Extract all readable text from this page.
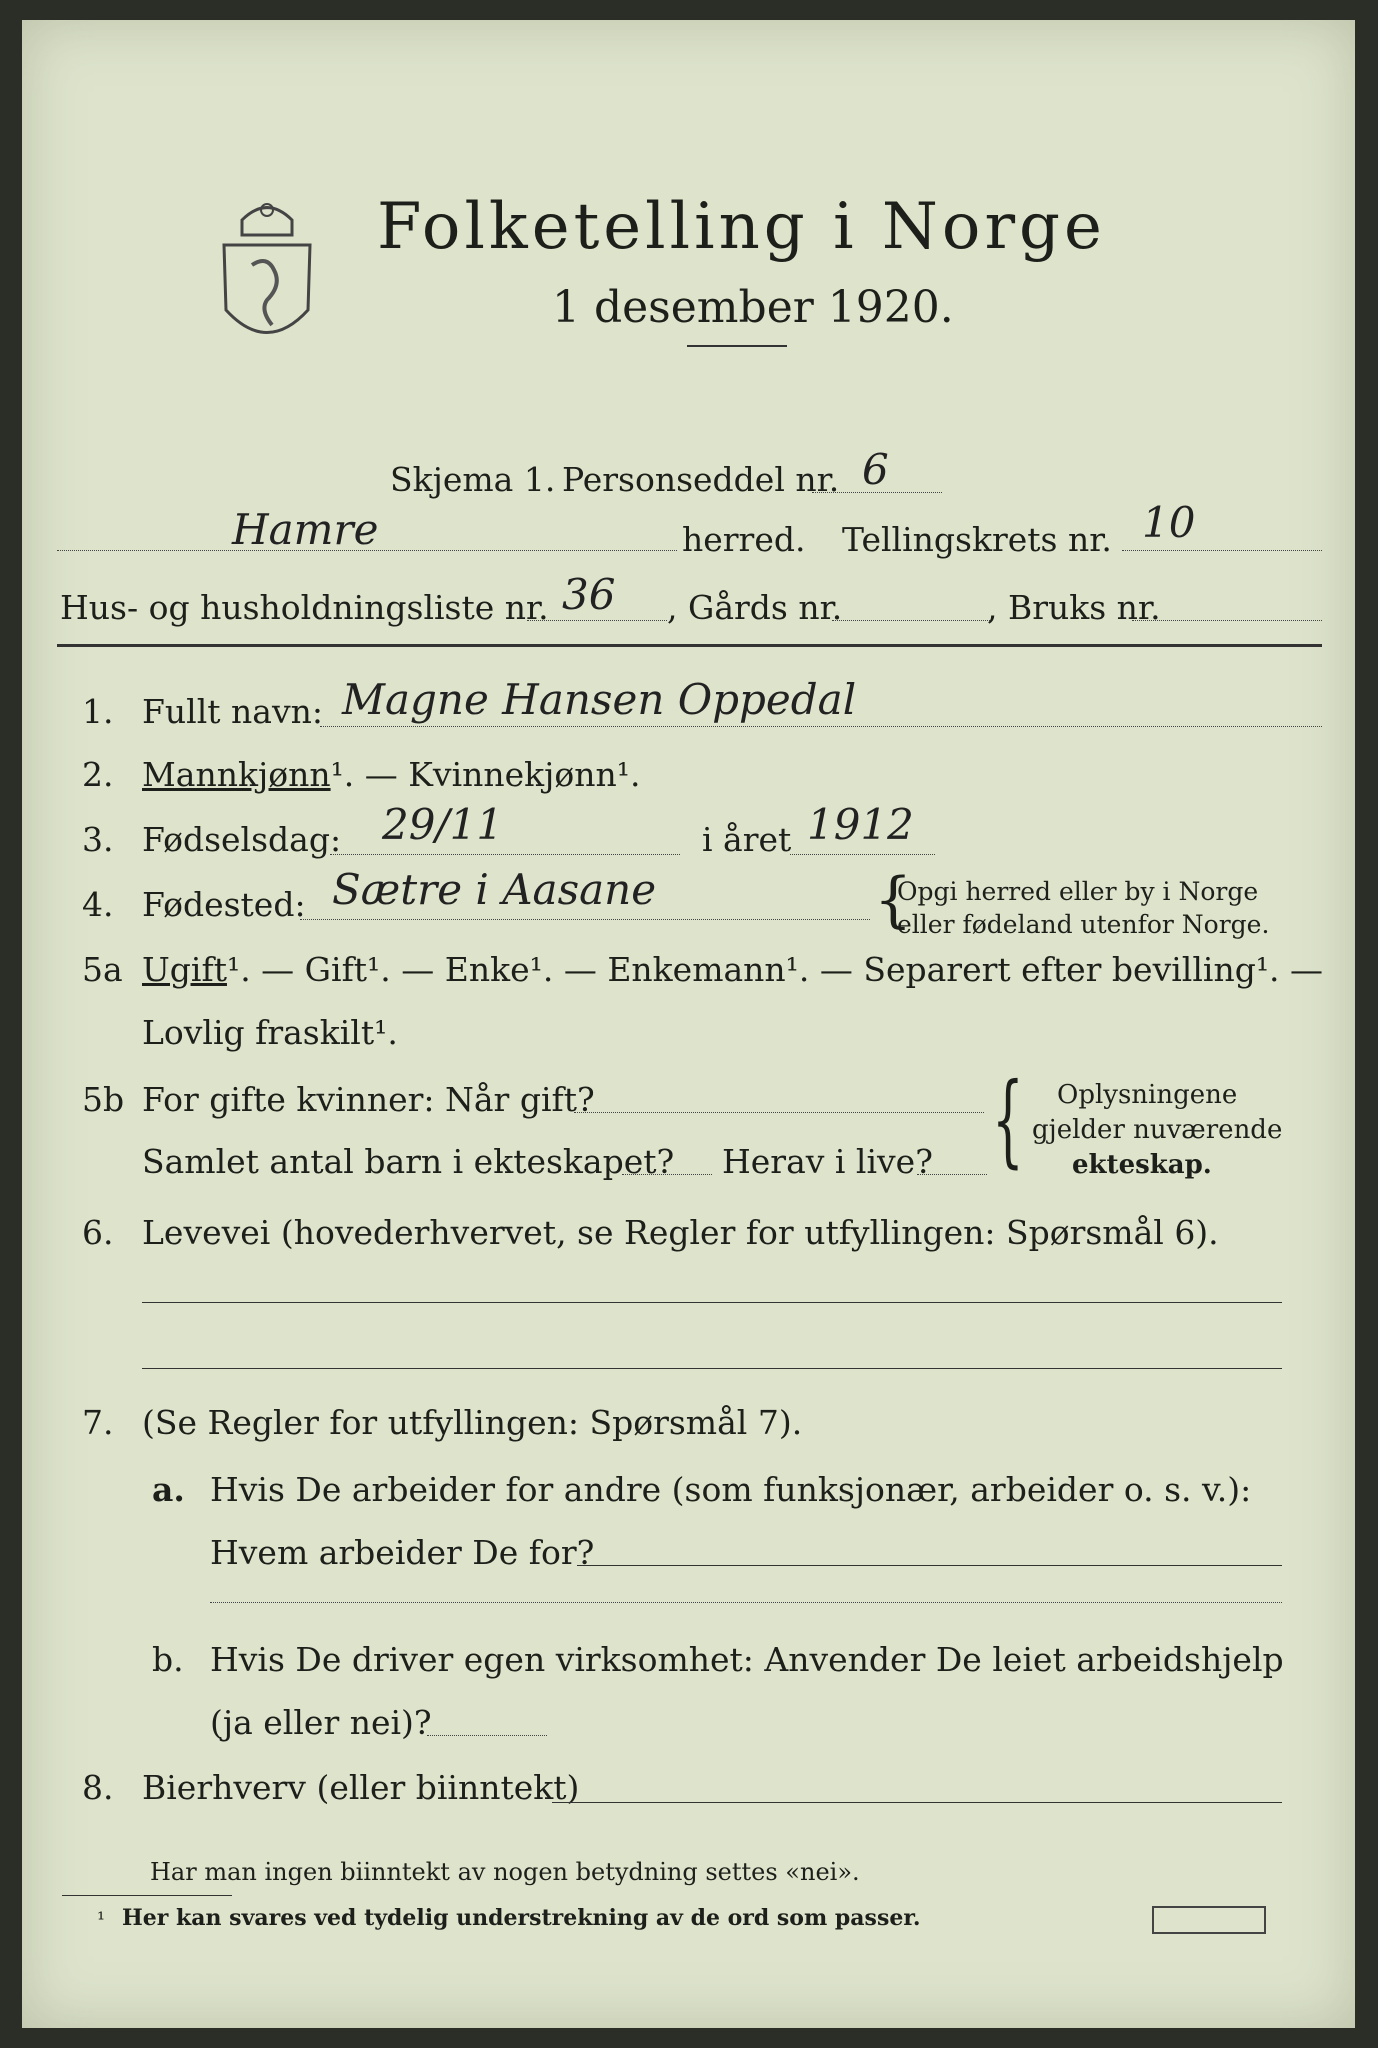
Folketelling i Norge
1 desember 1920.
Skjema 1. Personseddel nr. 6
Hamre	herred. Tellingskrets nr. 10
Hus- og husholdningsliste nr. 36 , Gårds nr.	, Bruks nr.
1. Fullt navn: Magne Hansen Oppedal
2. Mannkjønn¹. — Kvinnekjønn¹.
3. Fødselsdag: 29/11	i året 1912
4. Fødested: Sætre i Aasane	{
Opgi herred eller by i Norge
eller fødeland utenfor Norge.
5a Ugift¹. — Gift¹. — Enke¹. — Enkemann¹. — Separert efter bevilling¹. —
Lovlig fraskilt¹.
5b For gifte kvinner: Når gift?
Samlet antal barn i ekteskapet? Herav i live? { Oplysningene
gjelder nuværende
ekteskap.
6. Levevei (hovederhvervet, se Regler for utfyllingen: Spørsmål 6).
7. (Se Regler for utfyllingen: Spørsmål 7).
a. Hvis De arbeider for andre (som funksjonær, arbeider o. s. v.):
Hvem arbeider De for?
b. Hvis De driver egen virksomhet: Anvender De leiet arbeidshjelp
(ja eller nei)?
8. Bierhverv (eller biinntekt)
Har man ingen biinntekt av nogen betydning settes «nei».
¹ Her kan svares ved tydelig understrekning av de ord som passer.
